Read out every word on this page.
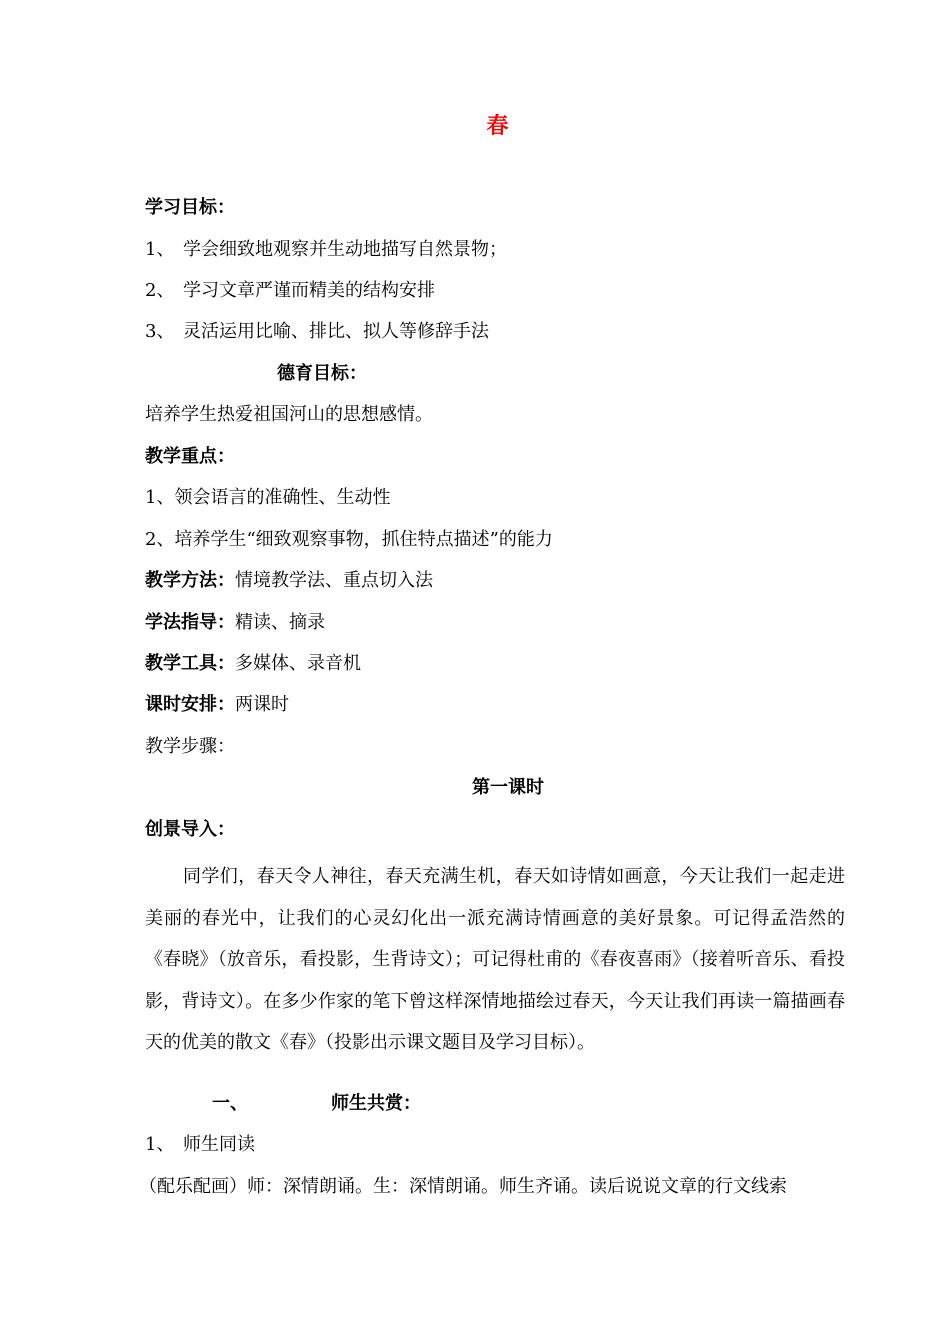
春
学习目标：
1、 学会细致地观察并生动地描写自然景物；
2、 学习文章严谨而精美的结构安排
3、 灵活运用比喻、排比、拟人等修辞手法
德育目标：
培养学生热爱祖国河山的思想感情。
教学重点：
1、领会语言的准确性、生动性
2、培养学生“细致观察事物，抓住特点描述”的能力
教学方法：情境教学法、重点切入法
学法指导：精读、摘录
教学工具：多媒体、录音机
课时安排：两课时
教学步骤：
第一课时
创景导入：
同学们，春天令人神往，春天充满生机，春天如诗情如画意，今天让我们一起走进美丽的春光中，让我们的心灵幻化出一派充满诗情画意的美好景象。可记得孟浩然的《春晓》（放音乐，看投影，生背诗文）；可记得杜甫的《春夜喜雨》（接着听音乐、看投影，背诗文）。在多少作家的笔下曾这样深情地描绘过春天，今天让我们再读一篇描画春天的优美的散文《春》（投影出示课文题目及学习目标）。
一、	师生共赏：
1、 师生同读
（配乐配画）师：深情朗诵。生：深情朗诵。师生齐诵。读后说说文章的行文线索
